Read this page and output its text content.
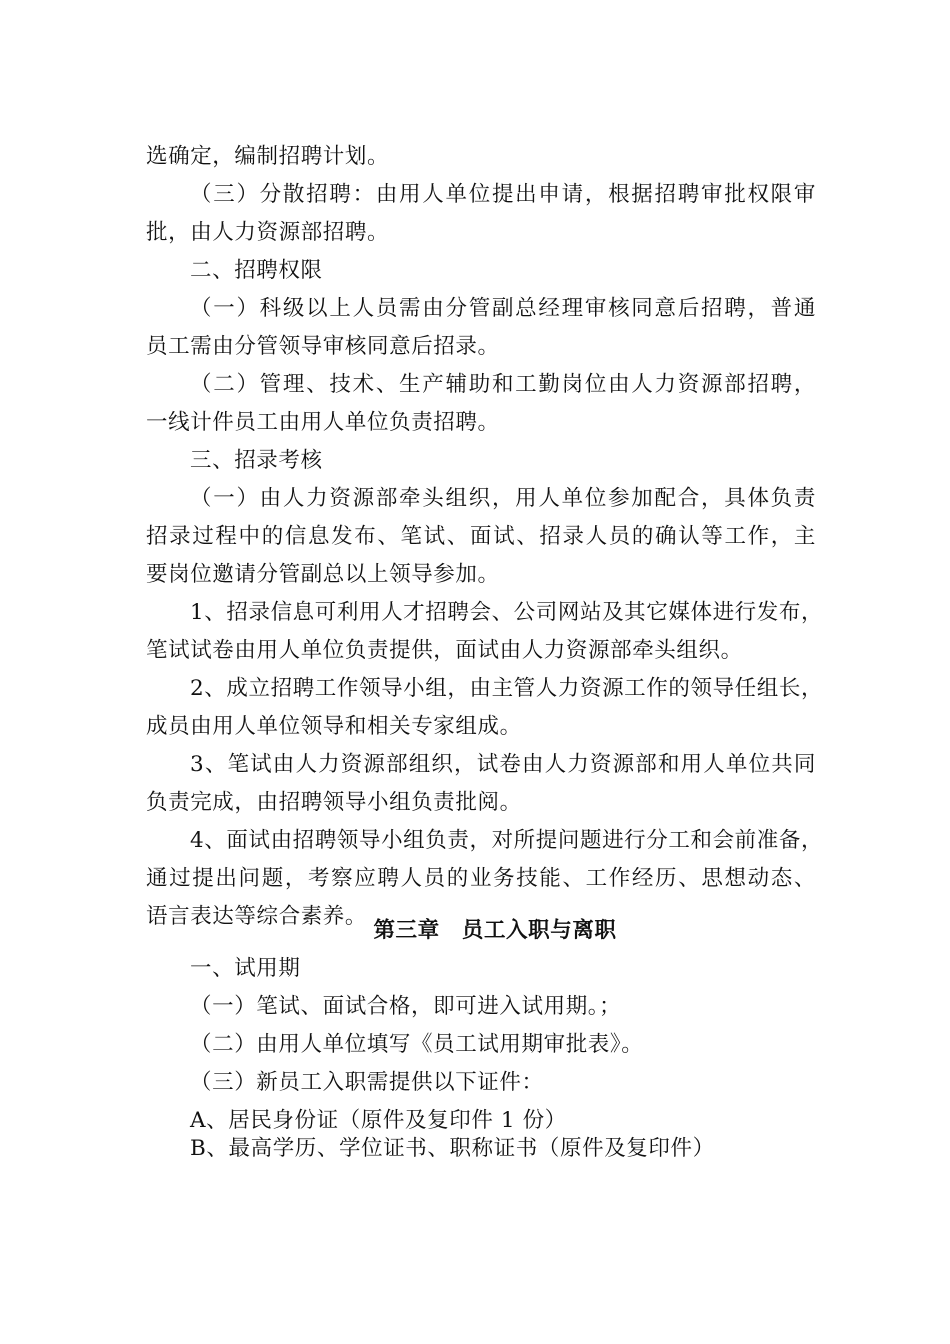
选确定，编制招聘计划。
（三）分散招聘：由用人单位提出申请，根据招聘审批权限审
批，由人力资源部招聘。
二、招聘权限
（一）科级以上人员需由分管副总经理审核同意后招聘，普通
员工需由分管领导审核同意后招录。
（二）管理、技术、生产辅助和工勤岗位由人力资源部招聘，
一线计件员工由用人单位负责招聘。
三、招录考核
（一）由人力资源部牵头组织，用人单位参加配合，具体负责
招录过程中的信息发布、笔试、面试、招录人员的确认等工作，主
要岗位邀请分管副总以上领导参加。
1、招录信息可利用人才招聘会、公司网站及其它媒体进行发布，
笔试试卷由用人单位负责提供，面试由人力资源部牵头组织。
2、成立招聘工作领导小组，由主管人力资源工作的领导任组长，
成员由用人单位领导和相关专家组成。
3、笔试由人力资源部组织，试卷由人力资源部和用人单位共同
负责完成，由招聘领导小组负责批阅。
4、面试由招聘领导小组负责，对所提问题进行分工和会前准备，
通过提出问题，考察应聘人员的业务技能、工作经历、思想动态、
语言表达等综合素养。
第三章　员工入职与离职
一、试用期
（一）笔试、面试合格，即可进入试用期。；
（二）由用人单位填写《员工试用期审批表》。
（三）新员工入职需提供以下证件：
A、居民身份证（原件及复印件 1 份）
B、最高学历、学位证书、职称证书（原件及复印件）
